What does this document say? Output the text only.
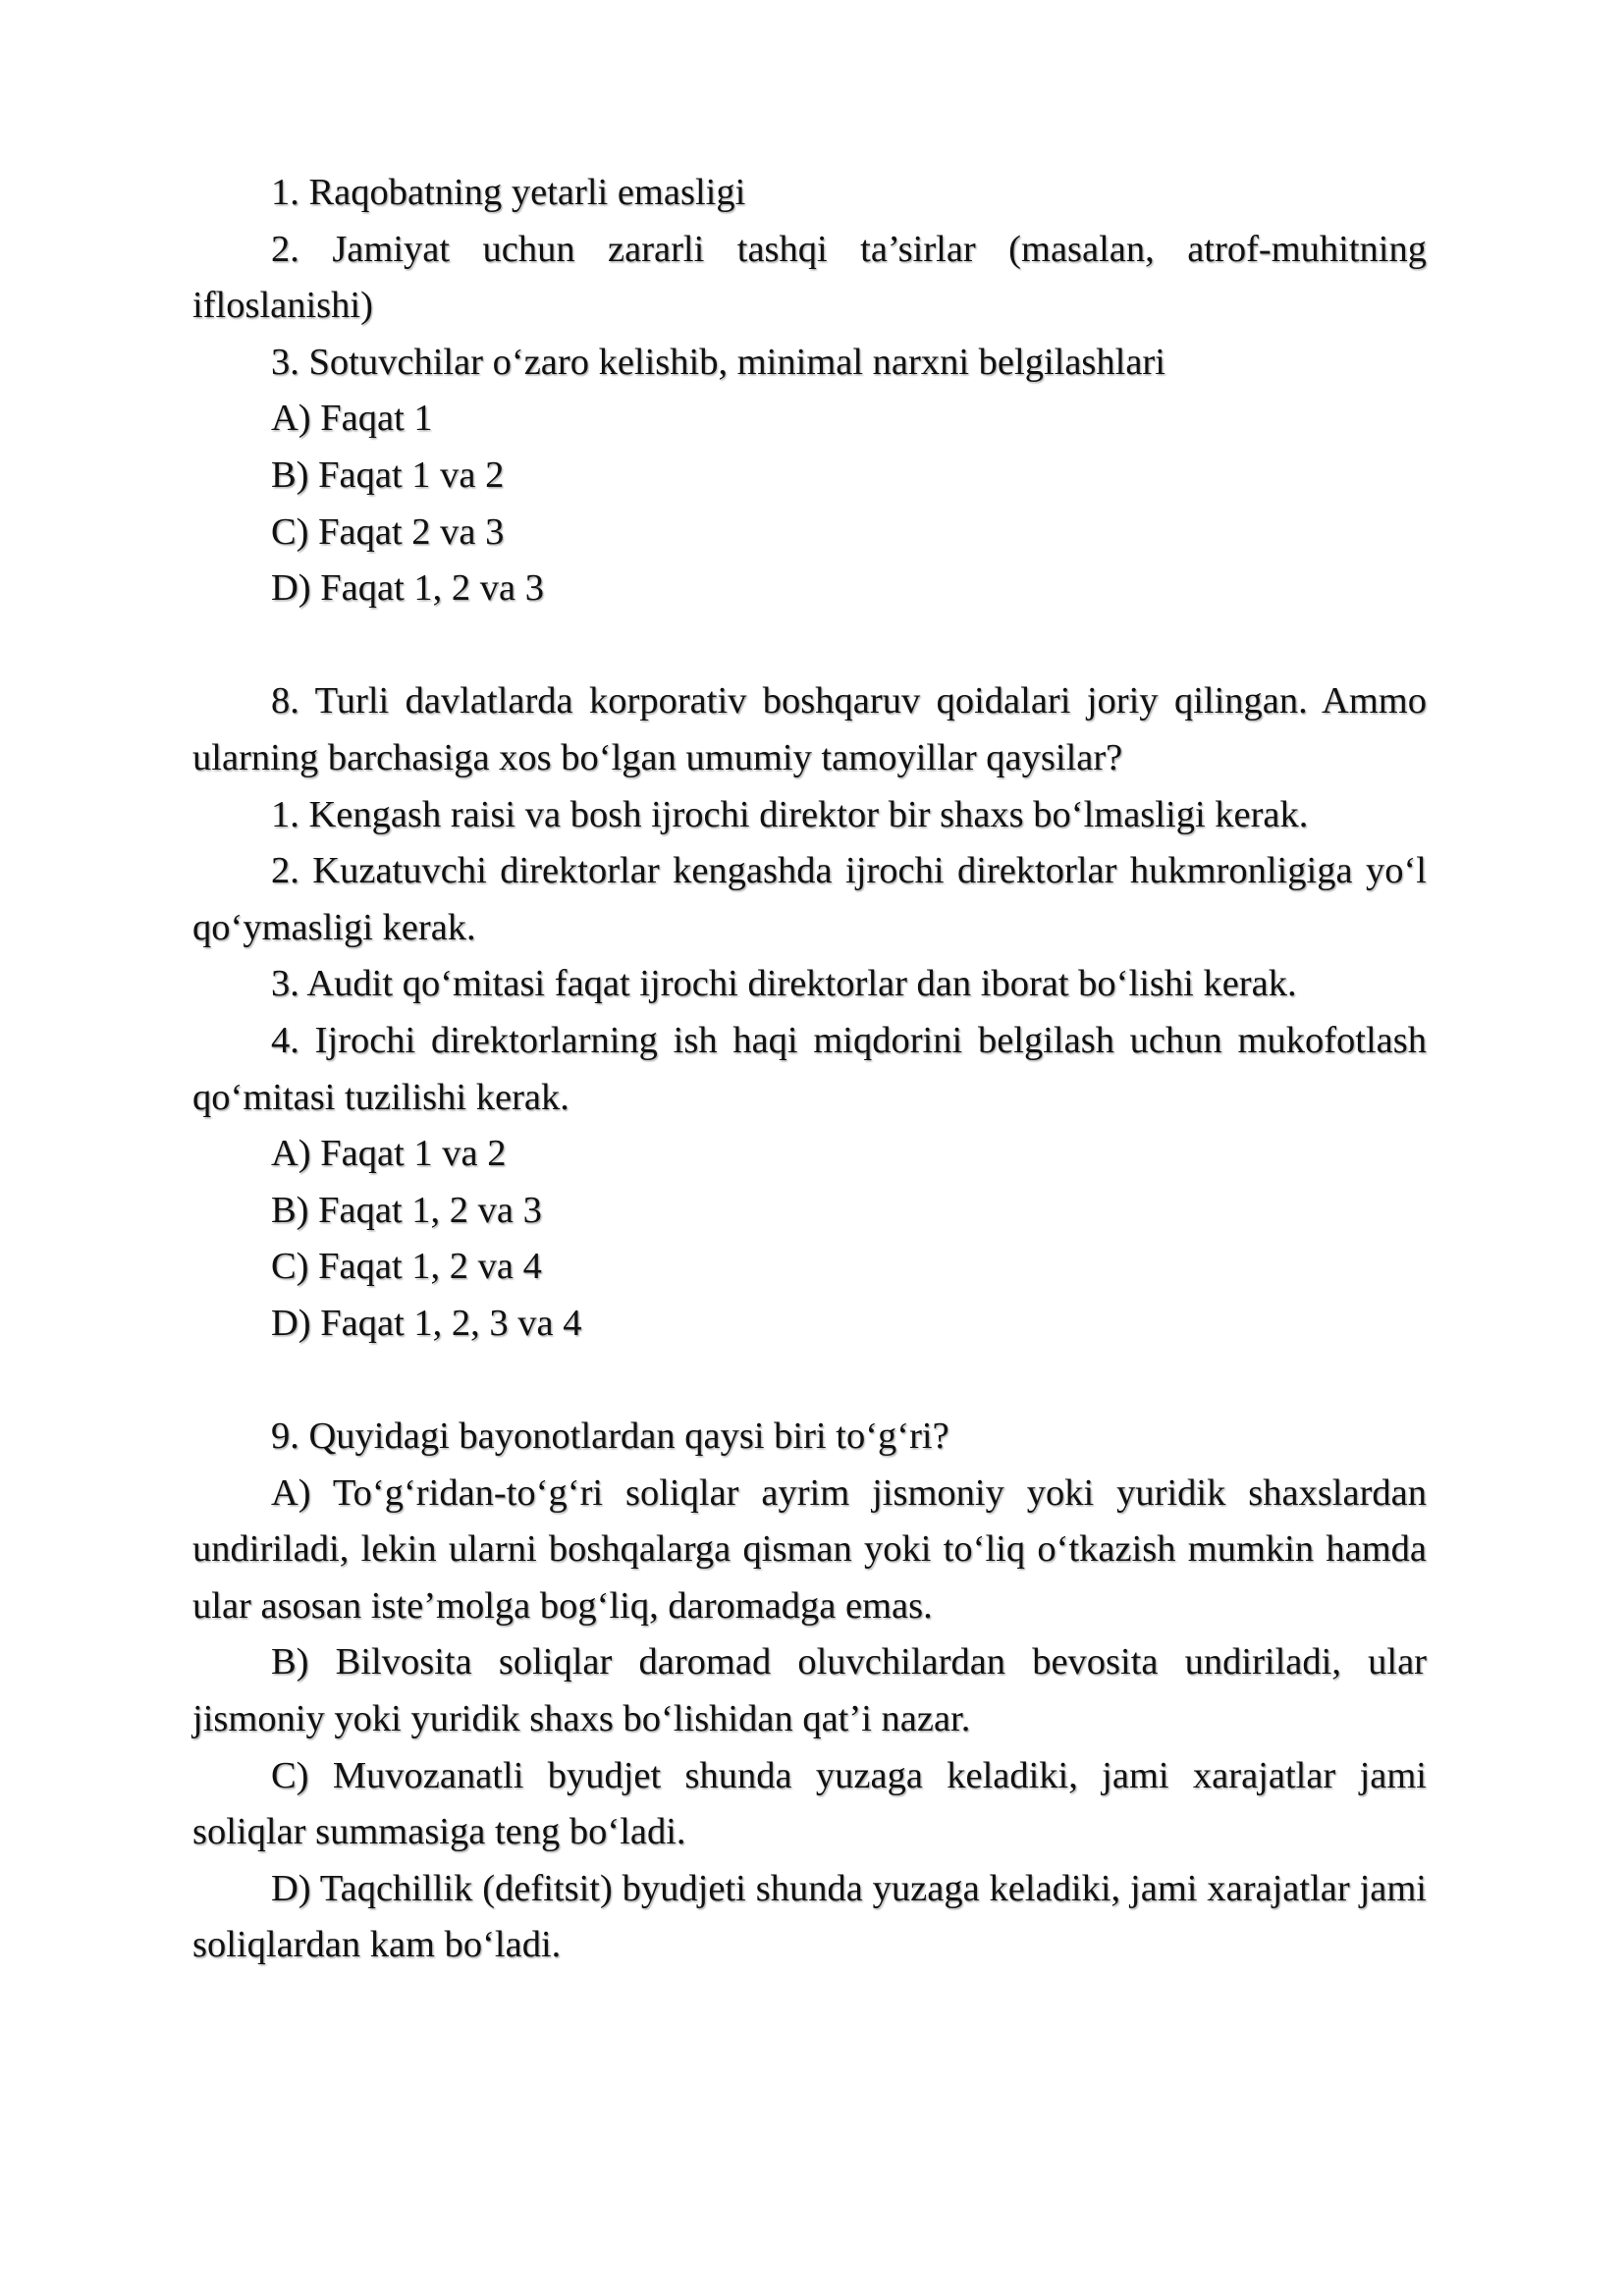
1. Raqobatning yetarli emasligi

2. Jamiyat uchun zararli tashqi ta’sirlar (masalan, atrof-muhitning ifloslanishi)

3. Sotuvchilar o‘zaro kelishib, minimal narxni belgilashlari

A) Faqat 1

B) Faqat 1 va 2

C) Faqat 2 va 3

D) Faqat 1, 2 va 3

8. Turli davlatlarda korporativ boshqaruv qoidalari joriy qilingan. Ammo ularning barchasiga xos bo‘lgan umumiy tamoyillar qaysilar?

1. Kengash raisi va bosh ijrochi direktor bir shaxs bo‘lmasligi kerak.

2. Kuzatuvchi direktorlar kengashda ijrochi direktorlar hukmronligiga yo‘l qo‘ymasligi kerak.

3. Audit qo‘mitasi faqat ijrochi direktorlar dan iborat bo‘lishi kerak.

4. Ijrochi direktorlarning ish haqi miqdorini belgilash uchun mukofotlash qo‘mitasi tuzilishi kerak.

A) Faqat 1 va 2

B) Faqat 1, 2 va 3

C) Faqat 1, 2 va 4

D) Faqat 1, 2, 3 va 4

9. Quyidagi bayonotlardan qaysi biri to‘g‘ri?

A) To‘g‘ridan-to‘g‘ri soliqlar ayrim jismoniy yoki yuridik shaxslardan undiriladi, lekin ularni boshqalarga qisman yoki to‘liq o‘tkazish mumkin hamda ular asosan iste’molga bog‘liq, daromadga emas.

B) Bilvosita soliqlar daromad oluvchilardan bevosita undiriladi, ular jismoniy yoki yuridik shaxs bo‘lishidan qat’i nazar.

C) Muvozanatli byudjet shunda yuzaga keladiki, jami xarajatlar jami soliqlar summasiga teng bo‘ladi.

D) Taqchillik (defitsit) byudjeti shunda yuzaga keladiki, jami xarajatlar jami soliqlardan kam bo‘ladi.
